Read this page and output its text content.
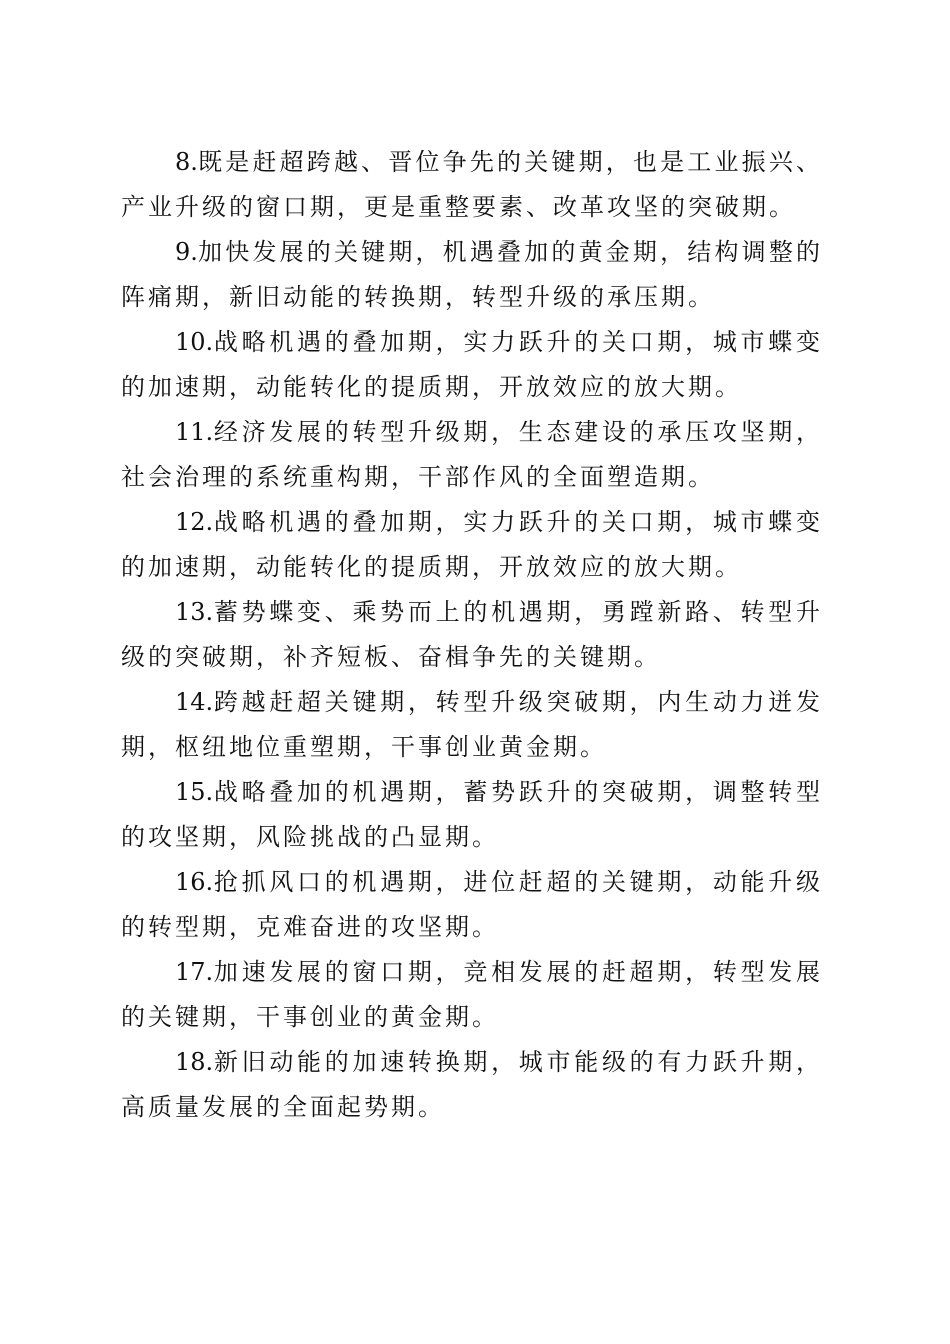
8.既是赶超跨越、晋位争先的关键期，也是工业振兴、产业升级的窗口期，更是重整要素、改革攻坚的突破期。

9.加快发展的关键期，机遇叠加的黄金期，结构调整的阵痛期，新旧动能的转换期，转型升级的承压期。

10.战略机遇的叠加期，实力跃升的关口期，城市蝶变的加速期，动能转化的提质期，开放效应的放大期。

11.经济发展的转型升级期，生态建设的承压攻坚期，社会治理的系统重构期，干部作风的全面塑造期。

12.战略机遇的叠加期，实力跃升的关口期，城市蝶变的加速期，动能转化的提质期，开放效应的放大期。

13.蓄势蝶变、乘势而上的机遇期，勇蹚新路、转型升级的突破期，补齐短板、奋楫争先的关键期。

14.跨越赶超关键期，转型升级突破期，内生动力迸发期，枢纽地位重塑期，干事创业黄金期。

15.战略叠加的机遇期，蓄势跃升的突破期，调整转型的攻坚期，风险挑战的凸显期。

16.抢抓风口的机遇期，进位赶超的关键期，动能升级的转型期，克难奋进的攻坚期。

17.加速发展的窗口期，竞相发展的赶超期，转型发展的关键期，干事创业的黄金期。

18.新旧动能的加速转换期，城市能级的有力跃升期，高质量发展的全面起势期。
